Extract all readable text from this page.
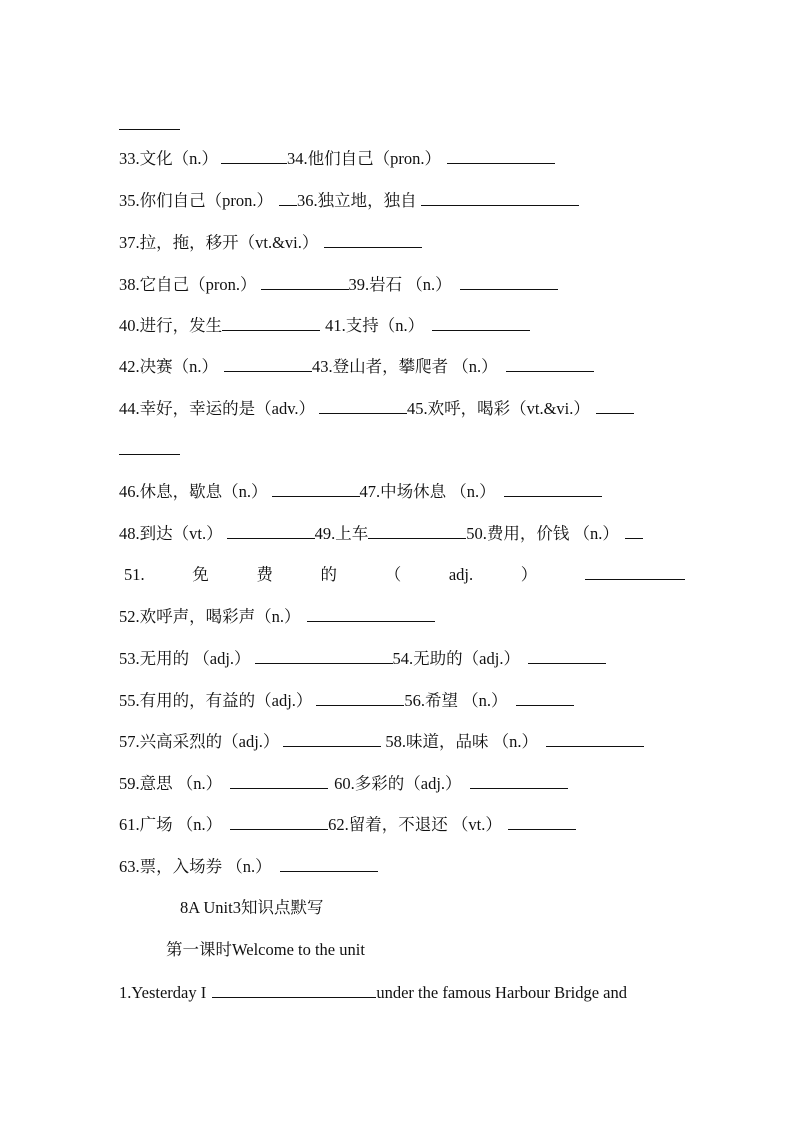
33.文化（n.）	34.他们自己（pron.）
35.你们自己（pron.） 36.独立地，独自
37.拉，拖，移开（vt.&vi.）
38.它自己（pron.）	39.岩石 （n.）
40.进行，发生	41.支持（n.）
42.决赛（n.）	43.登山者，攀爬者 （n.）
44.幸好，幸运的是（adv.）	45.欢呼，喝彩（vt.&vi.）
46.休息，歇息（n.）	47.中场休息 （n.）
48.到达（vt.）	49.上车	50.费用，价钱 （n.）
51.	免	费	的	（	adj.	）
52.欢呼声，喝彩声（n.）
53.无用的 （adj.）	54.无助的（adj.）
55.有用的，有益的（adj.）	56.希望 （n.）
57.兴高采烈的（adj.）	58.味道，品味 （n.）
59.意思 （n.）	60.多彩的（adj.）
61.广场 （n.）	62.留着，不退还 （vt.）
63.票，入场券 （n.）
8A Unit3知识点默写
第一课时Welcome to the unit
1.Yesterday I	under the famous Harbour Bridge and
